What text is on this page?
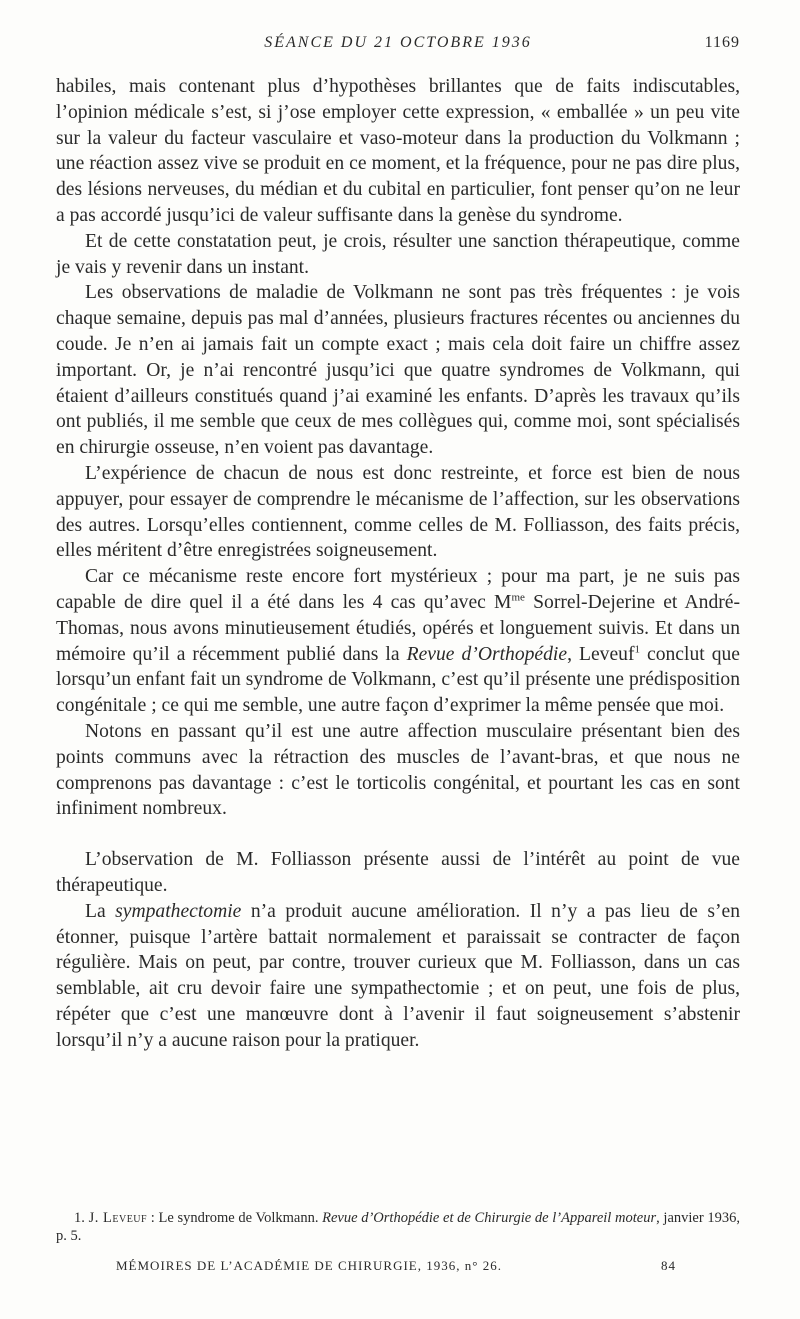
SÉANCE DU 21 OCTOBRE 1936	1169

habiles, mais contenant plus d’hypothèses brillantes que de faits indiscutables, l’opinion médicale s’est, si j’ose employer cette expression, « emballée » un peu vite sur la valeur du facteur vasculaire et vaso-moteur dans la production du Volkmann ; une réaction assez vive se produit en ce moment, et la fréquence, pour ne pas dire plus, des lésions nerveuses, du médian et du cubital en particulier, font penser qu’on ne leur a pas accordé jusqu’ici de valeur suffisante dans la genèse du syndrome.

Et de cette constatation peut, je crois, résulter une sanction thérapeutique, comme je vais y revenir dans un instant.

Les observations de maladie de Volkmann ne sont pas très fréquentes : je vois chaque semaine, depuis pas mal d’années, plusieurs fractures récentes ou anciennes du coude. Je n’en ai jamais fait un compte exact ; mais cela doit faire un chiffre assez important. Or, je n’ai rencontré jusqu’ici que quatre syndromes de Volkmann, qui étaient d’ailleurs constitués quand j’ai examiné les enfants. D’après les travaux qu’ils ont publiés, il me semble que ceux de mes collègues qui, comme moi, sont spécialisés en chirurgie osseuse, n’en voient pas davantage.

L’expérience de chacun de nous est donc restreinte, et force est bien de nous appuyer, pour essayer de comprendre le mécanisme de l’affection, sur les observations des autres. Lorsqu’elles contiennent, comme celles de M. Folliasson, des faits précis, elles méritent d’être enregistrées soigneusement.

Car ce mécanisme reste encore fort mystérieux ; pour ma part, je ne suis pas capable de dire quel il a été dans les 4 cas qu’avec $M^{me}$ Sorrel-Dejerine et André-Thomas, nous avons minutieusement étudiés, opérés et longuement suivis. Et dans un mémoire qu’il a récemment publié dans la Revue d’Orthopédie, Leveuf$^1$ conclut que lorsqu’un enfant fait un syndrome de Volkmann, c’est qu’il présente une prédisposition congénitale ; ce qui me semble, une autre façon d’exprimer la même pensée que moi.

Notons en passant qu’il est une autre affection musculaire présentant bien des points communs avec la rétraction des muscles de l’avant-bras, et que nous ne comprenons pas davantage : c’est le torticolis congénital, et pourtant les cas en sont infiniment nombreux.

L’observation de M. Folliasson présente aussi de l’intérêt au point de vue thérapeutique.

La sympathectomie n’a produit aucune amélioration. Il n’y a pas lieu de s’en étonner, puisque l’artère battait normalement et paraissait se contracter de façon régulière. Mais on peut, par contre, trouver curieux que M. Folliasson, dans un cas semblable, ait cru devoir faire une sympathectomie ; et on peut, une fois de plus, répéter que c’est une manœuvre dont à l’avenir il faut soigneusement s’abstenir lorsqu’il n’y a aucune raison pour la pratiquer.

1. J. Leveuf : Le syndrome de Volkmann. Revue d’Orthopédie et de Chirurgie de l’Appareil moteur, janvier 1936, p. 5.

MÉMOIRES DE L’ACADÉMIE DE CHIRURGIE, 1936, n° 26.	84
